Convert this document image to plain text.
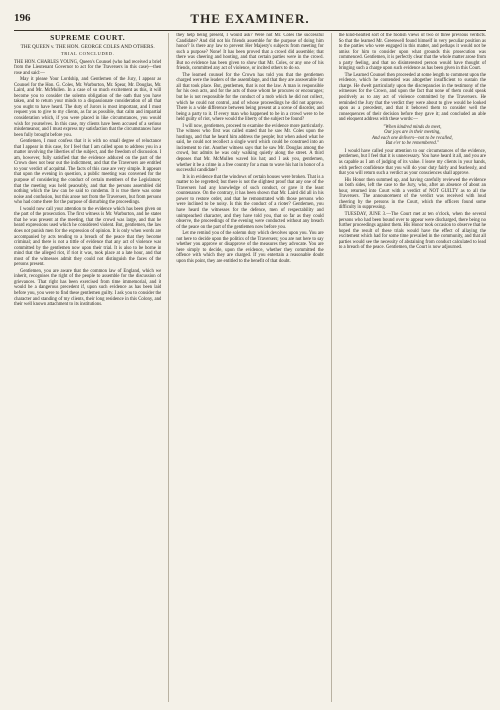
196	THE EXAMINER.
SUPREME COURT.
THE QUEEN v. THE HON. GEORGE COLES AND OTHERS.
TRIAL CONCLUDED.

THE HON. CHARLES YOUNG, Queen's Counsel (who had received a brief from the Lieutenant Governor to act for the Traversers in this case)—then rose and said:—

May it please Your Lordship, and Gentlemen of the Jury, I appear as Counsel for the Hon. G. Coles, Mr. Warburton, Mr. Spear, Mr. Douglas, Mr. Laird, and Mr. McMullen. In a case of so much excitement as this, it will become you to consider the solemn obligation of the oath that you have taken, and to return your minds to a dispassionate consideration of all that you ought to have heard. The duty of Jurors is most important, and I must request you to give to my clients, as far as possible, that calm and impartial consideration which, if you were placed in like circumstances, you would wish for yourselves. In this case, my clients have been accused of a serious misdemeanor, and I must express my satisfaction that the circumstances have been fully brought before you.

Gentlemen, I must confess that it is with no small degree of reluctance that I appear in this case, for I feel that I am called upon to address you in a matter involving the liberties of the subject, and the freedom of discussion. I am, however, fully satisfied that the evidence adduced on the part of the Crown does not bear out the indictment, and that the Traversers are entitled to your verdict of acquittal. The facts of this case are very simple. It appears that upon the evening in question, a public meeting was convened for the purpose of considering the conduct of certain members of the Legislature; that the meeting was held peaceably, and that the persons assembled did nothing which the law can be said to condemn. It is true there was some noise and confusion, but this arose not from the Traversers, but from persons who had come there for the purpose of disturbing the proceedings.

I would now call your attention to the evidence which has been given on the part of the prosecution. The first witness is Mr. Warburton, and he states that he was present at the meeting, that the crowd was large, and that he heard expressions used which he considered violent. But, gentlemen, the law does not punish men for the expression of opinion. It is only when words are accompanied by acts tending to a breach of the peace that they become criminal; and there is not a tittle of evidence that any act of violence was committed by the gentlemen now upon their trial. It is also to be borne in mind that the alleged riot, if riot it was, took place at a late hour, and that most of the witnesses admit they could not distinguish the faces of the persons present.

Gentlemen, you are aware that the common law of England, which we inherit, recognises the right of the people to assemble for the discussion of grievances. That right has been exercised from time immemorial, and it would be a dangerous precedent if, upon such evidence as has been laid before you, you were to find these gentlemen guilty. I ask you to consider the character and standing of my clients, their long residence in this Colony, and their well known attachment to its institutions.

they help being present, I would ask? Were not Mr. Coles the successful Candidate? And did not his friends assemble for the purpose of doing him honor? Is there any law to prevent Her Majesty's subjects from meeting for such a purpose? None! It has been proved that a crowd did assemble; that there was cheering and hooting, and that certain parties were in the crowd. But no evidence has been given to show that Mr. Coles, or any one of his friends, committed any act of violence, or incited others to do so.

The learned counsel for the Crown has told you that the gentlemen charged were the leaders of the assemblage, and that they are answerable for all that took place. But, gentlemen, that is not the law. A man is responsible for his own acts, and for the acts of those whom he procures or encourages; but he is not responsible for the conduct of a mob which he did not collect, which he could not control, and of whose proceedings he did not approve. There is a wide difference between being present at a scene of disorder, and being a party to it. If every man who happened to be in a crowd were to be held guilty of riot, where would the liberty of the subject be found?

I will now, gentlemen, proceed to examine the evidence more particularly. The witness who first was called stated that he saw Mr. Coles upon the hustings, and that he heard him address the people; but when asked what he said, he could not recollect a single word which could be construed into an incitement to riot. Another witness says that he saw Mr. Douglas among the crowd, but admits he was only walking quietly along the street. A third deposes that Mr. McMullen waved his hat; and I ask you, gentlemen, whether it be a crime in a free country for a man to wave his hat in honor of a successful candidate?

It is in evidence that the windows of certain houses were broken. That is a matter to be regretted; but there is not the slightest proof that any one of the Traversers had any knowledge of such conduct, or gave it the least countenance. On the contrary, it has been shown that Mr. Laird did all in his power to restore order, and that he remonstrated with those persons who were inclined to be noisy. Is this the conduct of a rioter? Gentlemen, you have heard the witnesses for the defence, men of respectability and unimpeached character, and they have told you, that so far as they could observe, the proceedings of the evening were conducted without any breach of the peace on the part of the gentlemen now before you.

Let me remind you of the solemn duty which devolves upon you. You are not here to decide upon the politics of the Traversers; you are not here to say whether you approve or disapprove of the measures they advocate. You are here simply to decide, upon the evidence, whether they committed the offence with which they are charged. If you entertain a reasonable doubt upon this point, they are entitled to the benefit of that doubt.

the kind-hearted sort of the foolish views of two or three previous verdicts. So that the learned Mr. Greenwell found himself in very peculiar position as to the parties who were engaged in this matter, and perhaps it would not be amiss for him to consider upon what grounds this prosecution was commenced. Gentlemen, it is perfectly clear that the whole matter arose from a party feeling, and that no disinterested person would have thought of bringing such a charge upon such evidence as has been given in this Court.

The Learned Counsel then proceeded at some length to comment upon the evidence, which he contended was altogether insufficient to sustain the charge. He dwelt particularly upon the discrepancies in the testimony of the witnesses for the Crown, and upon the fact that none of them could speak positively as to any act of violence committed by the Traversers. He reminded the Jury that the verdict they were about to give would be looked upon as a precedent, and that it behoved them to consider well the consequences of their decision before they gave it; and concluded an able and eloquent address with these words:—

"When kindred minds do meet,
Our joys are in their meeting,
And each one delivers—not to be recalled,
But e'er to be remembered."

I would have called your attention to our circumstances of the evidence, gentlemen, but I feel that it is unnecessary. You have heard it all, and you are as capable as I am of judging of its value. I leave my clients in your hands, with perfect confidence that you will do your duty fairly and fearlessly, and that you will return such a verdict as your consciences shall approve.

His Honor then summed up, and having carefully reviewed the evidence on both sides, left the case to the Jury, who, after an absence of about an hour, returned into Court with a verdict of NOT GUILTY as to all the Traversers. The announcement of the verdict was received with loud cheering by the persons in the Court, which the officers found some difficulty in suppressing.

TUESDAY, JUNE 3.—The Court met at ten o'clock, when the several persons who had been bound over to appear were discharged, there being no further proceedings against them. His Honor took occasion to observe that he hoped the result of these trials would have the effect of allaying the excitement which had for some time prevailed in the community, and that all parties would see the necessity of abstaining from conduct calculated to lead to a breach of the peace. Gentlemen, the Court is now adjourned.
